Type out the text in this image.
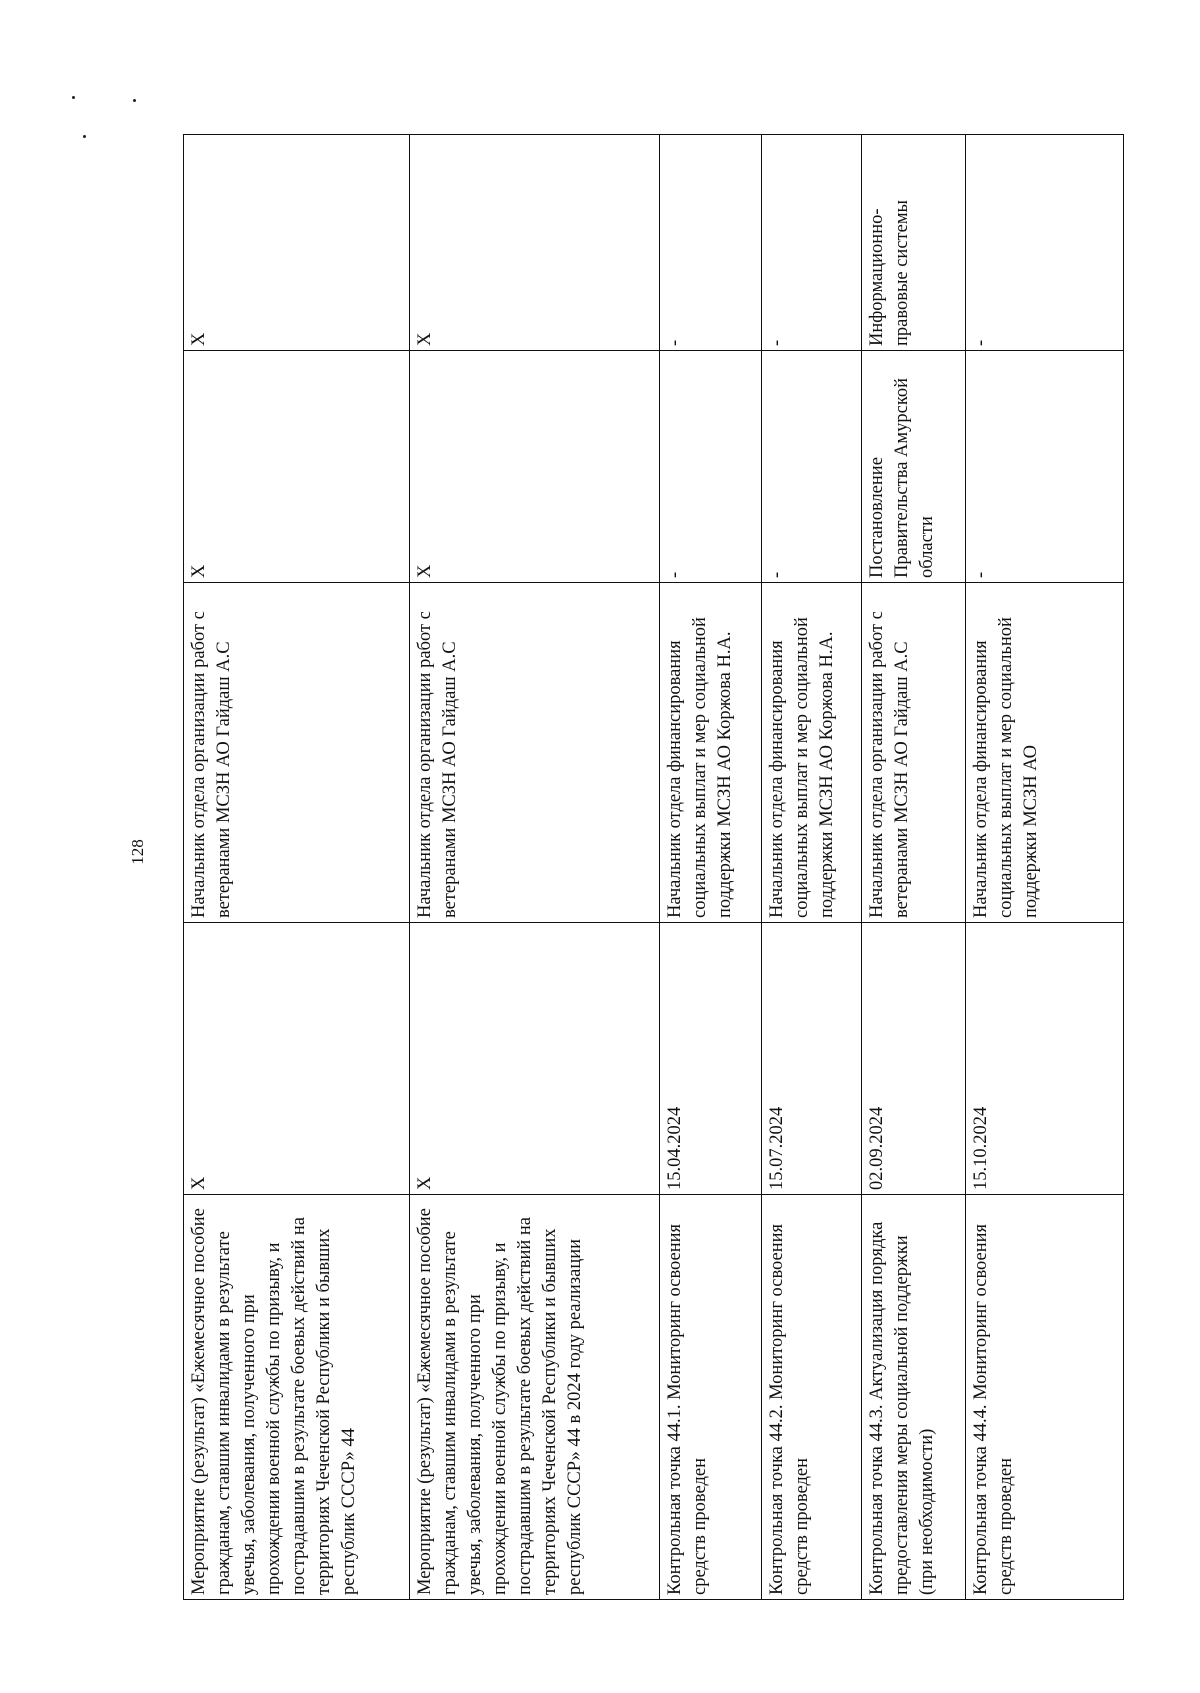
128
Мероприятие (результат) «Ежемесячное пособие гражданам, ставшим инвалидами в результате увечья, заболевания, полученного при прохождении военной службы по призыву, и пострадавшим в результате боевых действий на территориях Чеченской Республики и бывших республик СССР» 44	X	Начальник отдела организации работ с ветеранами МСЗН АО Гайдаш А.С	X	X
Мероприятие (результат) «Ежемесячное пособие гражданам, ставшим инвалидами в результате увечья, заболевания, полученного при прохождении военной службы по призыву, и пострадавшим в результате боевых действий на территориях Чеченской Республики и бывших республик СССР» 44 в 2024 году реализации	X	Начальник отдела организации работ с ветеранами МСЗН АО Гайдаш А.С	X	X
Контрольная точка 44.1. Мониторинг освоения средств проведен	15.04.2024	Начальник отдела финансирования социальных выплат и мер социальной поддержки МСЗН АО Коржова Н.А.	-	-
Контрольная точка 44.2. Мониторинг освоения средств проведен	15.07.2024	Начальник отдела финансирования социальных выплат и мер социальной поддержки МСЗН АО Коржова Н.А.	-	-
Контрольная точка 44.3. Актуализация порядка предоставления меры социальной поддержки (при необходимости)	02.09.2024	Начальник отдела организации работ с ветеранами МСЗН АО Гайдаш А.С	Постановление Правительства Амурской области	Информационно-правовые системы
Контрольная точка 44.4. Мониторинг освоения средств проведен	15.10.2024	Начальник отдела финансирования социальных выплат и мер социальной поддержки МСЗН АО	-	-
